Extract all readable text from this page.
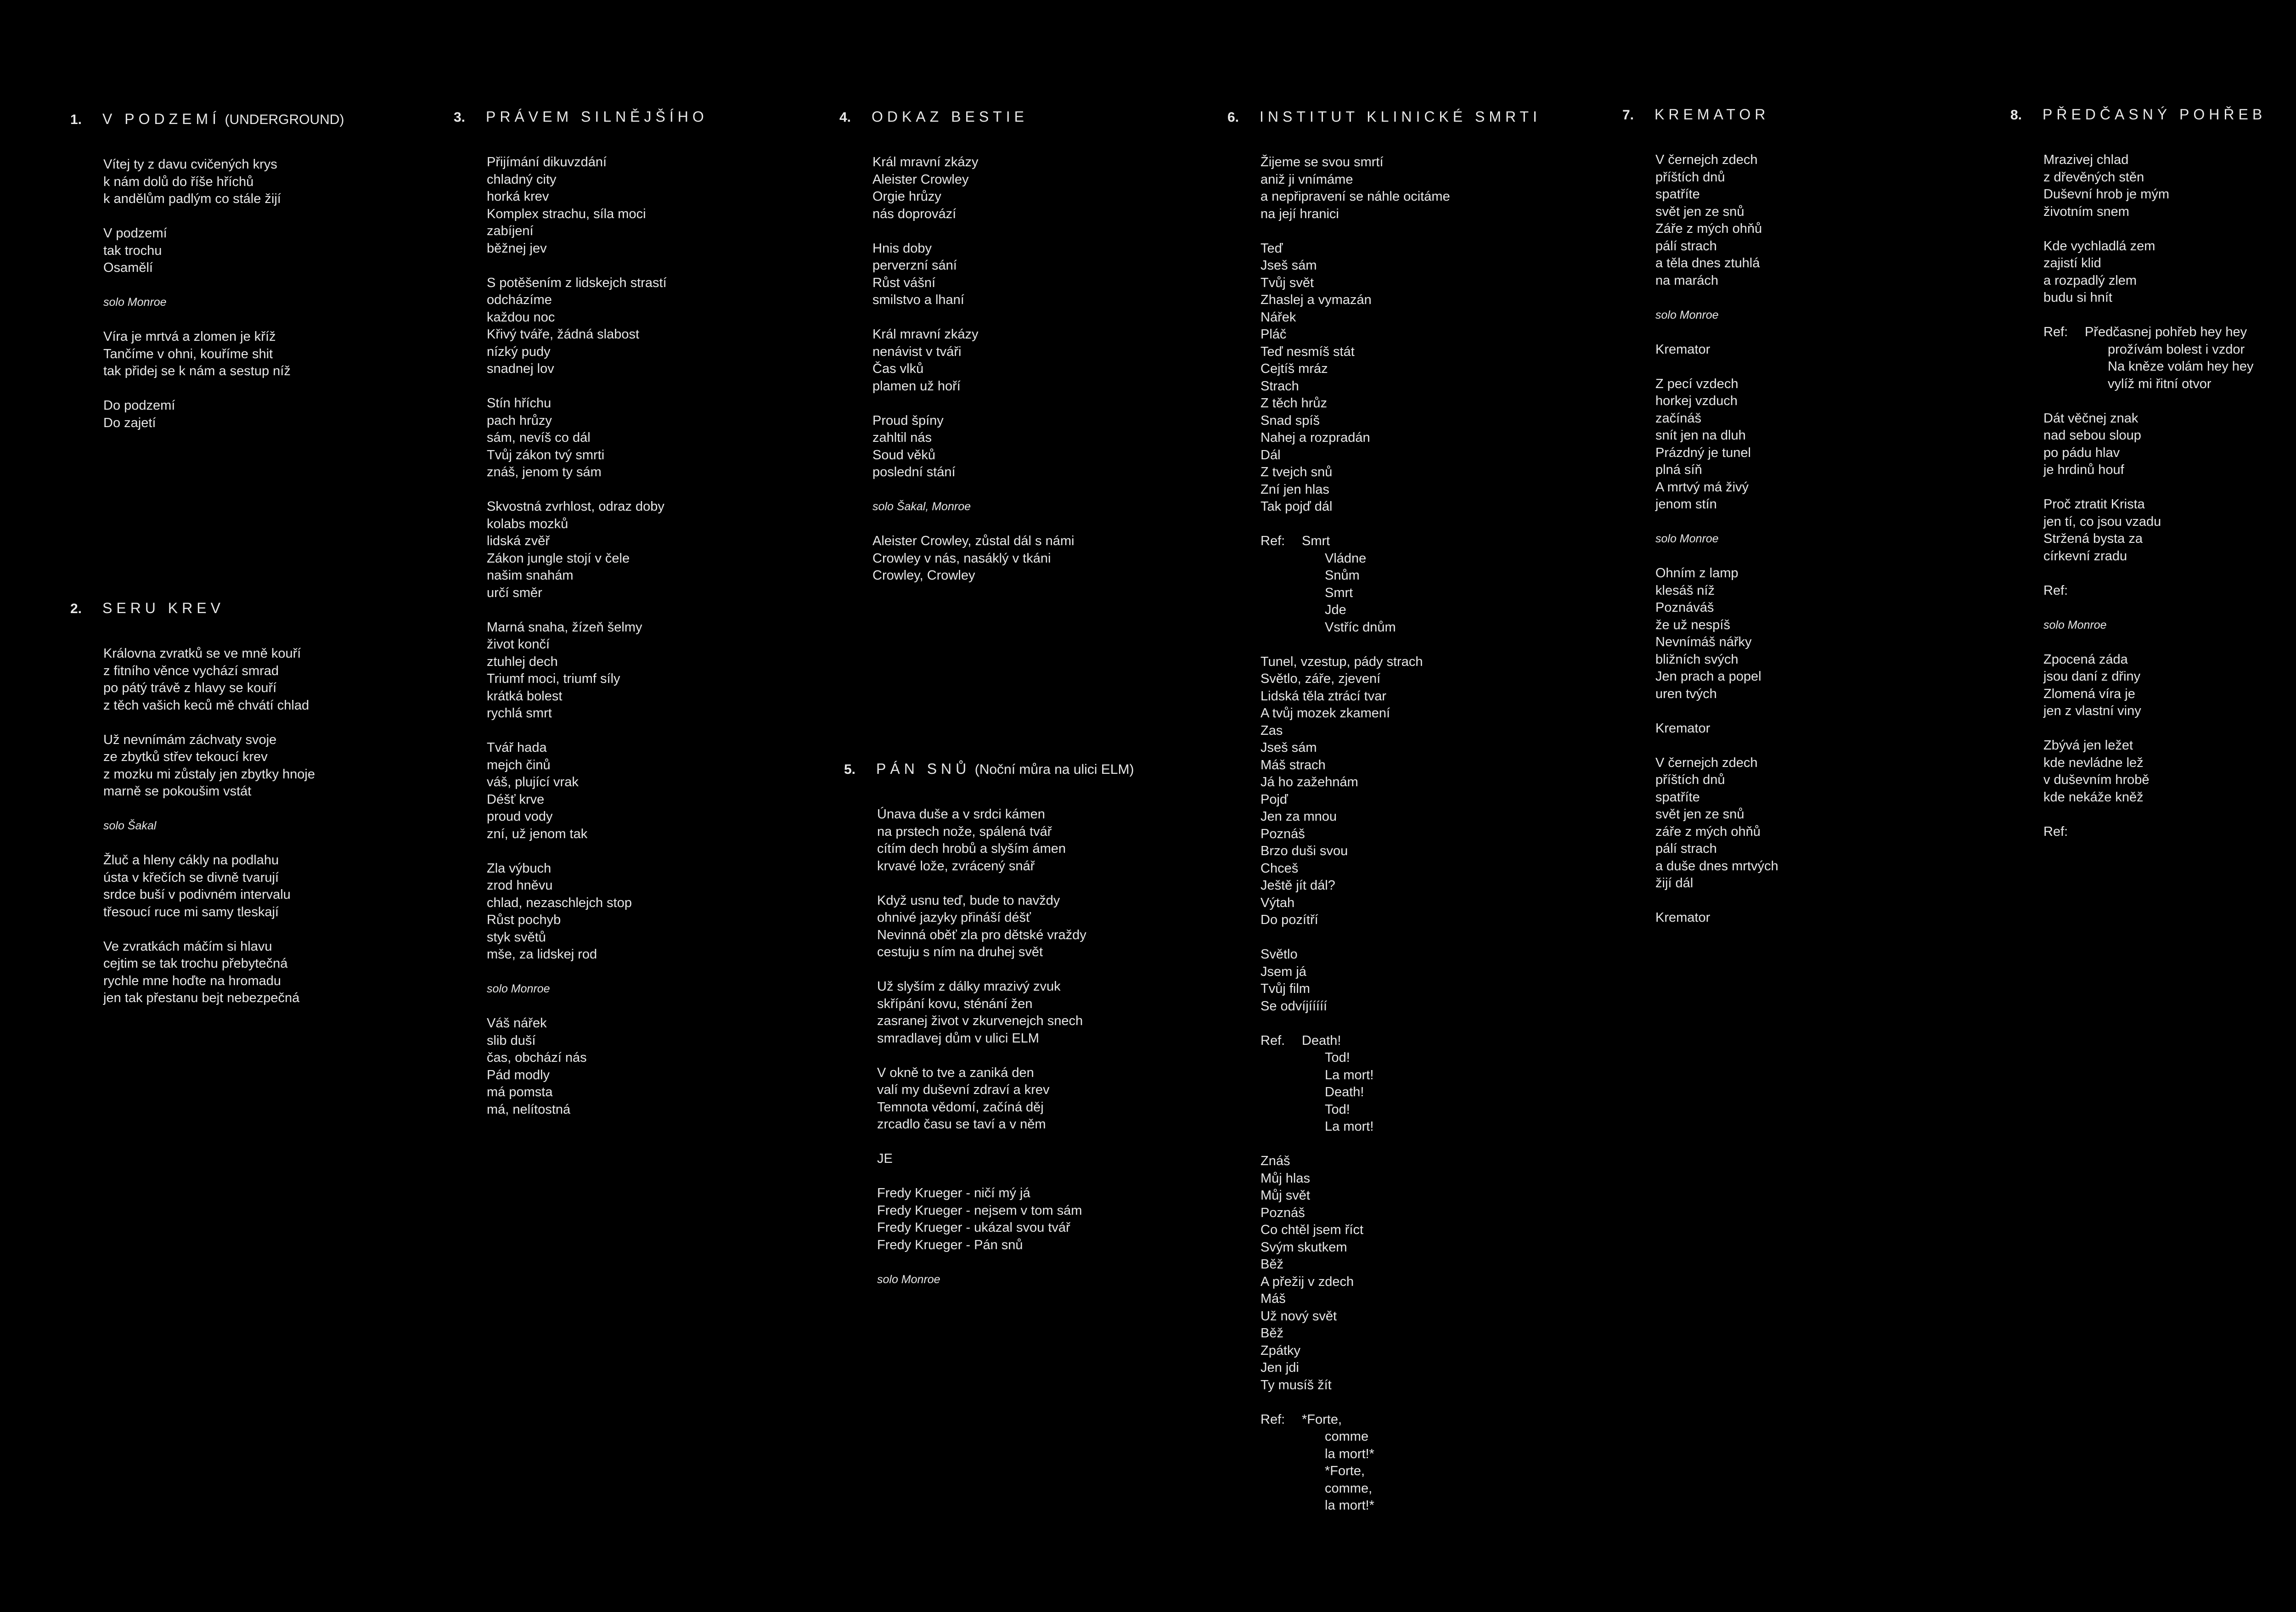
1. V PODZEMÍ (UNDERGROUND)
Vítej ty z davu cvičených krys
k nám dolů do říše hříchů
k andělům padlým co stále žijí
V podzemí
tak trochu
Osamělí
solo Monroe
Víra je mrtvá a zlomen je kříž
Tančíme v ohni, kouříme shit
tak přidej se k nám a sestup níž
Do podzemí
Do zajetí
2. SERU KREV
Královna zvratků se ve mně kouří
z fitního věnce vychází smrad
po pátý trávě z hlavy se kouří
z těch vašich keců mě chvátí chlad
Už nevnímám záchvaty svoje
ze zbytků střev tekoucí krev
z mozku mi zůstaly jen zbytky hnoje
marně se pokoušim vstát
solo Šakal
Žluč a hleny cákly na podlahu
ústa v křečích se divně tvarují
srdce buší v podivném intervalu
třesoucí ruce mi samy tleskají
Ve zvratkách máčím si hlavu
cejtim se tak trochu přebytečná
rychle mne hoďte na hromadu
jen tak přestanu bejt nebezpečná
3. PRÁVEM SILNĚJŠÍHO
Přijímání dikuvzdání
chladný city
horká krev
Komplex strachu, síla moci
zabíjení
běžnej jev
S potěšením z lidskejch strastí
odcházíme
každou noc
Křivý tváře, žádná slabost
nízký pudy
snadnej lov
Stín hříchu
pach hrůzy
sám, nevíš co dál
Tvůj zákon tvý smrti
znáš, jenom ty sám
Skvostná zvrhlost, odraz doby
kolabs mozků
lidská zvěř
Zákon jungle stojí v čele
našim snahám
určí směr
Marná snaha, žízeň šelmy
život končí
ztuhlej dech
Triumf moci, triumf síly
krátká bolest
rychlá smrt
Tvář hada
mejch činů
váš, plující vrak
Déšť krve
proud vody
zní, už jenom tak
Zla výbuch
zrod hněvu
chlad, nezaschlejch stop
Růst pochyb
styk světů
mše, za lidskej rod
solo Monroe
Váš nářek
slib duší
čas, obchází nás
Pád modly
má pomsta
má, nelítostná
4. ODKAZ BESTIE
Král mravní zkázy
Aleister Crowley
Orgie hrůzy
nás doprovází
Hnis doby
perverzní sání
Růst vášní
smilstvo a lhaní
Král mravní zkázy
nenávist v tváři
Čas vlků
plamen už hoří
Proud špíny
zahltil nás
Soud věků
poslední stání
solo Šakal, Monroe
Aleister Crowley, zůstal dál s námi
Crowley v nás, nasáklý v tkáni
Crowley, Crowley
5. PÁN SNŮ (Noční můra na ulici ELM)
Únava duše a v srdci kámen
na prstech nože, spálená tvář
cítím dech hrobů a slyším ámen
krvavé lože, zvrácený snář
Když usnu teď, bude to navždy
ohnivé jazyky přináší déšť
Nevinná oběť zla pro dětské vraždy
cestuju s ním na druhej svět
Už slyším z dálky mrazivý zvuk
skřípání kovu, sténání žen
zasranej život v zkurvenejch snech
smradlavej dům v ulici ELM
V okně to tve a zaniká den
valí my duševní zdraví a krev
Temnota vědomí, začíná děj
zrcadlo času se taví a v něm
JE
Fredy Krueger - ničí mý já
Fredy Krueger - nejsem v tom sám
Fredy Krueger - ukázal svou tvář
Fredy Krueger - Pán snů
solo Monroe
6. INSTITUT KLINICKÉ SMRTI
Žijeme se svou smrtí
aniž ji vnímáme
a nepřipravení se náhle ocitáme
na její hranici
Teď
Jseš sám
Tvůj svět
Zhasleј a vymazán
Nářek
Pláč
Teď nesmíš stát
Cejtíš mráz
Strach
Z těch hrůz
Snad spíš
Nahej a rozpradán
Dál
Z tvejch snů
Zní jen hlas
Tak pojď dál
Ref:	Smrt
Vládne
Snům
Smrt
Jde
Vstříc dnům
Tunel, vzestup, pády strach
Světlo, záře, zjevení
Lidská těla ztrácí tvar
A tvůj mozek zkamení
Zas
Jseš sám
Máš strach
Já ho zažehnám
Pojď
Jen za mnou
Poznáš
Brzo duši svou
Chceš
Ještě jít dál?
Výtah
Do pozítří
Světlo
Jsem já
Tvůj film
Se odvíjííííí
Ref.	Death!
Tod!
La mort!
Death!
Tod!
La mort!
Znáš
Můj hlas
Můj svět
Poznáš
Co chtěl jsem říct
Svým skutkem
Běž
A přežij v zdech
Máš
Už nový svět
Běž
Zpátky
Jen jdi
Ty musíš žít
Ref:	*Forte,
comme
la mort!*
*Forte,
comme,
la mort!*
7. KREMATOR
V černejch zdech
příštích dnů
spatříte
svět jen ze snů
Záře z mých ohňů
pálí strach
a těla dnes ztuhlá
na marách
solo Monroe
Kremator
Z pecí vzdech
horkej vzduch
začínáš
snít jen na dluh
Prázdný je tunel
plná síň
A mrtvý má živý
jenom stín
solo Monroe
Ohním z lamp
klesáš níž
Poznáváš
že už nespíš
Nevnímáš nářky
bližních svých
Jen prach a popel
uren tvých
Kremator
V černejch zdech
příštích dnů
spatříte
svět jen ze snů
záře z mých ohňů
pálí strach
a duše dnes mrtvých
žijí dál
Kremator
8. PŘEDČASNÝ POHŘEB
Mrazivej chlad
z dřevěných stěn
Duševní hrob je mým
životním snem
Kde vychladlá zem
zajistí klid
a rozpadlý zlem
budu si hnít
Ref:	Předčasnej pohřeb hey hey
prožívám bolest i vzdor
Na kněze volám hey hey
vylíž mi řitní otvor
Dát věčnej znak
nad sebou sloup
po pádu hlav
je hrdinů houf
Proč ztratit Krista
jen tí, co jsou vzadu
Stržená bysta za
církevní zradu
Ref:
solo Monroe
Zpocená záda
jsou daní z dřiny
Zlomená víra je
jen z vlastní viny
Zbývá jen ležet
kde nevládne lež
v duševním hrobě
kde nekáže kněž
Ref:
